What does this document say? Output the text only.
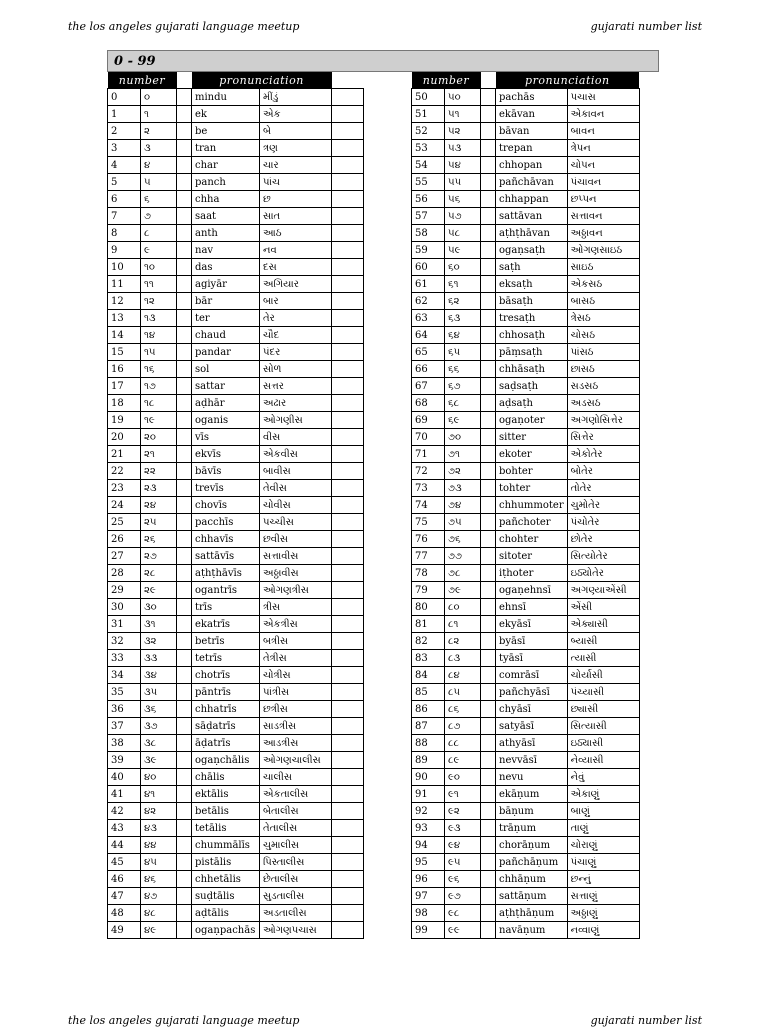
the los angeles gujarati language meetup	gujarati number list
0 - 99
number			pronunciation		
0	૦		mindu	મીંડું	
1	૧		ek	એક	
2	૨		be	બે	
3	૩		tran	ત્રણ	
4	૪		char	ચાર	
5	૫		panch	પાંચ	
6	૬		chha	છ	
7	૭		saat	સાત	
8	૮		anth	આઠ	
9	૯		nav	નવ	
10	૧૦		das	દસ	
11	૧૧		agiyār	અગિયાર	
12	૧૨		bār	બાર	
13	૧૩		ter	તેર	
14	૧૪		chaud	ચૌદ	
15	૧૫		pandar	પંદર	
16	૧૬		sol	સોળ	
17	૧૭		sattar	સત્તર	
18	૧૮		aḍhār	અઢાર	
19	૧૯		oganis	ઓગણીસ	
20	૨૦		vīs	વીસ	
21	૨૧		ekvīs	એકવીસ	
22	૨૨		bāvīs	બાવીસ	
23	૨૩		trevīs	તેવીસ	
24	૨૪		chovīs	ચોવીસ	
25	૨૫		pacchīs	પચ્ચીસ	
26	૨૬		chhavīs	છવીસ	
27	૨૭		sattāvīs	સત્તાવીસ	
28	૨૮		aṭhṭhāvīs	અઠ્ઠાવીસ	
29	૨૯		ogantrīs	ઓગણત્રીસ	
30	૩૦		trīs	ત્રીસ	
31	૩૧		ekatrīs	એકત્રીસ	
32	૩૨		betrīs	બત્રીસ	
33	૩૩		tetrīs	તેત્રીસ	
34	૩૪		chotrīs	ચોત્રીસ	
35	૩૫		pāntrīs	પાંત્રીસ	
36	૩૬		chhatrīs	છત્રીસ	
37	૩૭		sāḍatrīs	સાડત્રીસ	
38	૩૮		āḍatrīs	આડત્રીસ	
39	૩૯		ogaṇchālis	ઓગણચાલીસ	
40	૪૦		chālis	ચાલીસ	
41	૪૧		ektālis	એકતાલીસ	
42	૪૨		betālis	બેતાલીસ	
43	૪૩		tetālis	તેતાલીસ	
44	૪૪		chummālīs	ચુમાલીસ	
45	૪૫		pistālis	પિસ્તાલીસ	
46	૪૬		chhetālis	છેતાલીસ	
47	૪૭		suḍtālis	સુડતાલીસ	
48	૪૮		aḍtālis	અડતાલીસ	
49	૪૯		ogaṇpachās	ઓગણપચાસ	
number			pronunciation	
50	૫૦		pachās	પચાસ
51	૫૧		ekāvan	એકાવન
52	૫૨		bāvan	બાવન
53	૫૩		trepan	ત્રેપન
54	૫૪		chhopan	ચોપન
55	૫૫		pañchāvan	પંચાવન
56	૫૬		chhappan	છપ્પન
57	૫૭		sattāvan	સત્તાવન
58	૫૮		aṭhṭhāvan	અઠ્ઠાવન
59	૫૯		ogaṇsaṭh	ઓગણસાઇઠ
60	૬૦		saṭh	સાઇઠ
61	૬૧		eksaṭh	એકસઠ
62	૬૨		bāsaṭh	બાસઠ
63	૬૩		tresaṭh	ત્રેસઠ
64	૬૪		chhosaṭh	ચોસઠ
65	૬૫		pāṃsaṭh	પાંસઠ
66	૬૬		chhāsaṭh	છાસઠ
67	૬૭		saḍsaṭh	સડસઠ
68	૬૮		aḍsaṭh	અડસઠ
69	૬૯		ogaṇoter	અગણોસિત્તેર
70	૭૦		sitter	સિત્તેર
71	૭૧		ekoter	એકોતેર
72	૭૨		bohter	બોતેર
73	૭૩		tohter	તોતેર
74	૭૪		chhummoter	ચુમોતેર
75	૭૫		pañchoter	પંચોતેર
76	૭૬		chohter	છોતેર
77	૭૭		sitoter	સિત્યોતેર
78	૭૮		iṭhoter	ઇઠ્યોતેર
79	૭૯		ogaṇehnsī	અગણ્યાએંસી
80	૮૦		ehnsī	એંસી
81	૮૧		ekyāsī	એક્યાસી
82	૮૨		byāsī	બ્યાસી
83	૮૩		tyāsī	ત્યાસી
84	૮૪		comrāsī	ચોર્યાસી
85	૮૫		pañchyāsī	પંચ્યાસી
86	૮૬		chyāsī	છ્યાસી
87	૮૭		satyāsī	સિત્યાસી
88	૮૮		athyāsī	ઇઠ્યાસી
89	૮૯		nevvāsī	નેવ્યાસી
90	૯૦		nevu	નેવું
91	૯૧		ekāṇum	એકાણું
92	૯૨		bāṇum	બાણું
93	૯૩		trāṇum	તાણું
94	૯૪		chorāṇum	ચોરાણું
95	૯૫		pañchāṇum	પંચાણું
96	૯૬		chhāṇum	છન્નું
97	૯૭		sattāṇum	સત્તાણું
98	૯૮		aṭhṭhāṇum	અઠ્ઠાણું
99	૯૯		navāṇum	નવ્વાણું
the los angeles gujarati language meetup	gujarati number list
